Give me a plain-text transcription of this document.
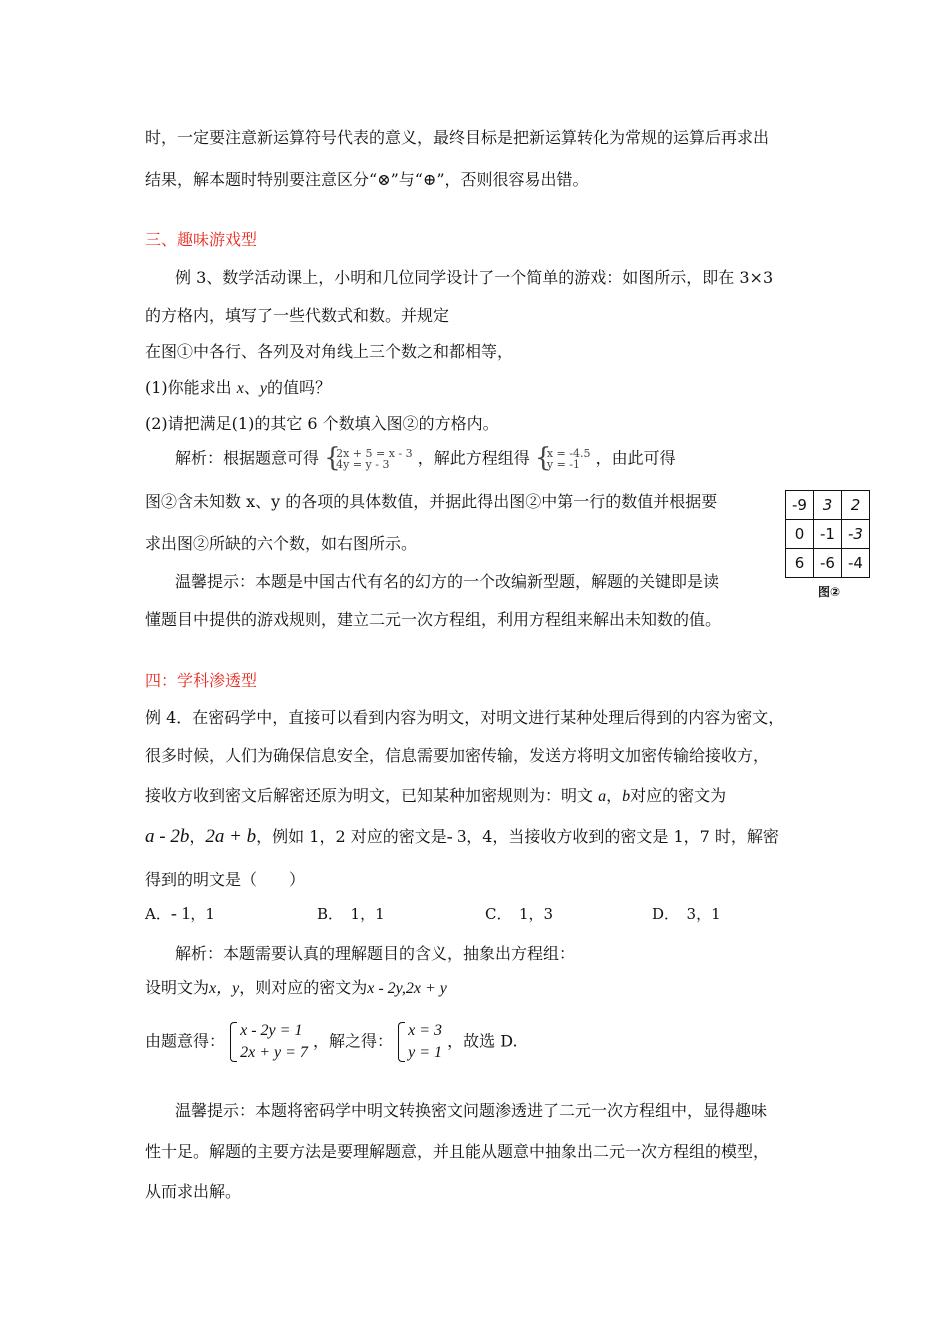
时，一定要注意新运算符号代表的意义，最终目标是把新运算转化为常规的运算后再求出
结果，解本题时特别要注意区分“⊗”与“⊕”，否则很容易出错。
三、趣味游戏型
例 3、数学活动课上，小明和几位同学设计了一个简单的游戏：如图所示，即在 3×3
的方格内，填写了一些代数式和数。并规定
在图①中各行、各列及对角线上三个数之和都相等，
(1)你能求出 x、y的值吗？
(2)请把满足(1)的其它 6 个数填入图②的方格内。
解析：根据题意可得 {
2x + 5 = x - 3
4y = y - 3	，解此方程组得 {
x = -4.5
y = -1 ，由此可得
图②含未知数 x、y 的各项的具体数值，并据此得出图②中第一行的数值并根据要
求出图②所缺的六个数，如右图所示。
-9	3	2
0	-1	-3
6	-6	-4
图②
温馨提示：本题是中国古代有名的幻方的一个改编新型题，解题的关键即是读
懂题目中提供的游戏规则，建立二元一次方程组，利用方程组来解出未知数的值。
四：学科渗透型
例 4．在密码学中，直接可以看到内容为明文，对明文进行某种处理后得到的内容为密文，
很多时候，人们为确保信息安全，信息需要加密传输，发送方将明文加密传输给接收方，
接收方收到密文后解密还原为明文，已知某种加密规则为：明文 a，b对应的密文为
a - 2b，2a + b，例如 1，2 对应的密文是- 3，4，当接收方收到的密文是 1，7 时，解密
得到的明文是（　　）
A．- 1，1	B．　1，1	C．　1，3	D．　3，1
解析：本题需要认真的理解题目的含义，抽象出方程组：
设明文为x，y，则对应的密文为x - 2y,2x + y
由题意得：
x - 2y = 1
2x + y = 7
，解之得：
x = 3
y = 1
，故选 D.
温馨提示：本题将密码学中明文转换密文问题渗透进了二元一次方程组中，显得趣味
性十足。解题的主要方法是要理解题意，并且能从题意中抽象出二元一次方程组的模型，
从而求出解。
